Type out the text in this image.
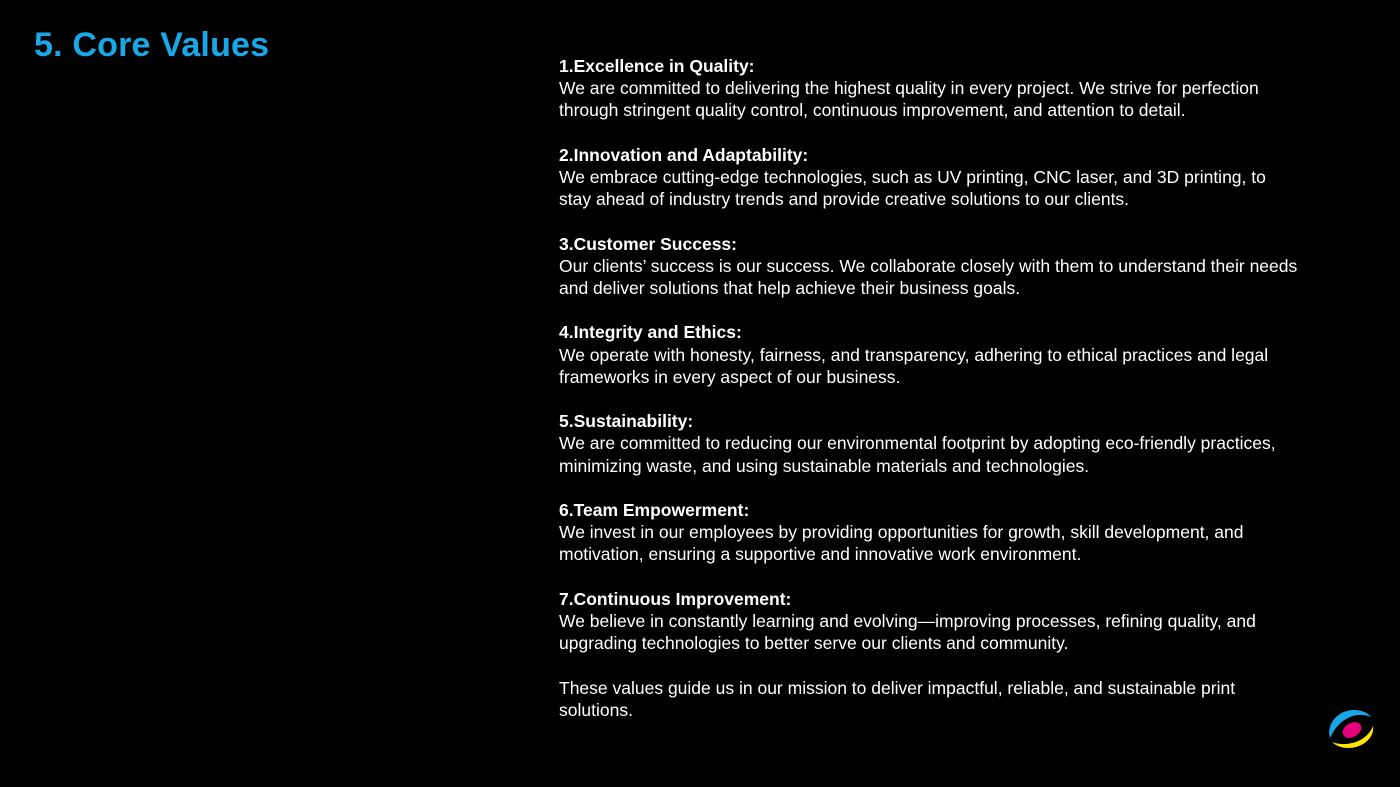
5. Core Values
1.Excellence in Quality:
We are committed to delivering the highest quality in every project. We strive for perfection through stringent quality control, continuous improvement, and attention to detail.
2.Innovation and Adaptability:
We embrace cutting-edge technologies, such as UV printing, CNC laser, and 3D printing, to stay ahead of industry trends and provide creative solutions to our clients.
3.Customer Success:
Our clients’ success is our success. We collaborate closely with them to understand their needs and deliver solutions that help achieve their business goals.
4.Integrity and Ethics:
We operate with honesty, fairness, and transparency, adhering to ethical practices and legal frameworks in every aspect of our business.
5.Sustainability:
We are committed to reducing our environmental footprint by adopting eco-friendly practices, minimizing waste, and using sustainable materials and technologies.
6.Team Empowerment:
We invest in our employees by providing opportunities for growth, skill development, and motivation, ensuring a supportive and innovative work environment.
7.Continuous Improvement:
We believe in constantly learning and evolving—improving processes, refining quality, and upgrading technologies to better serve our clients and community.

These values guide us in our mission to deliver impactful, reliable, and sustainable print solutions.
